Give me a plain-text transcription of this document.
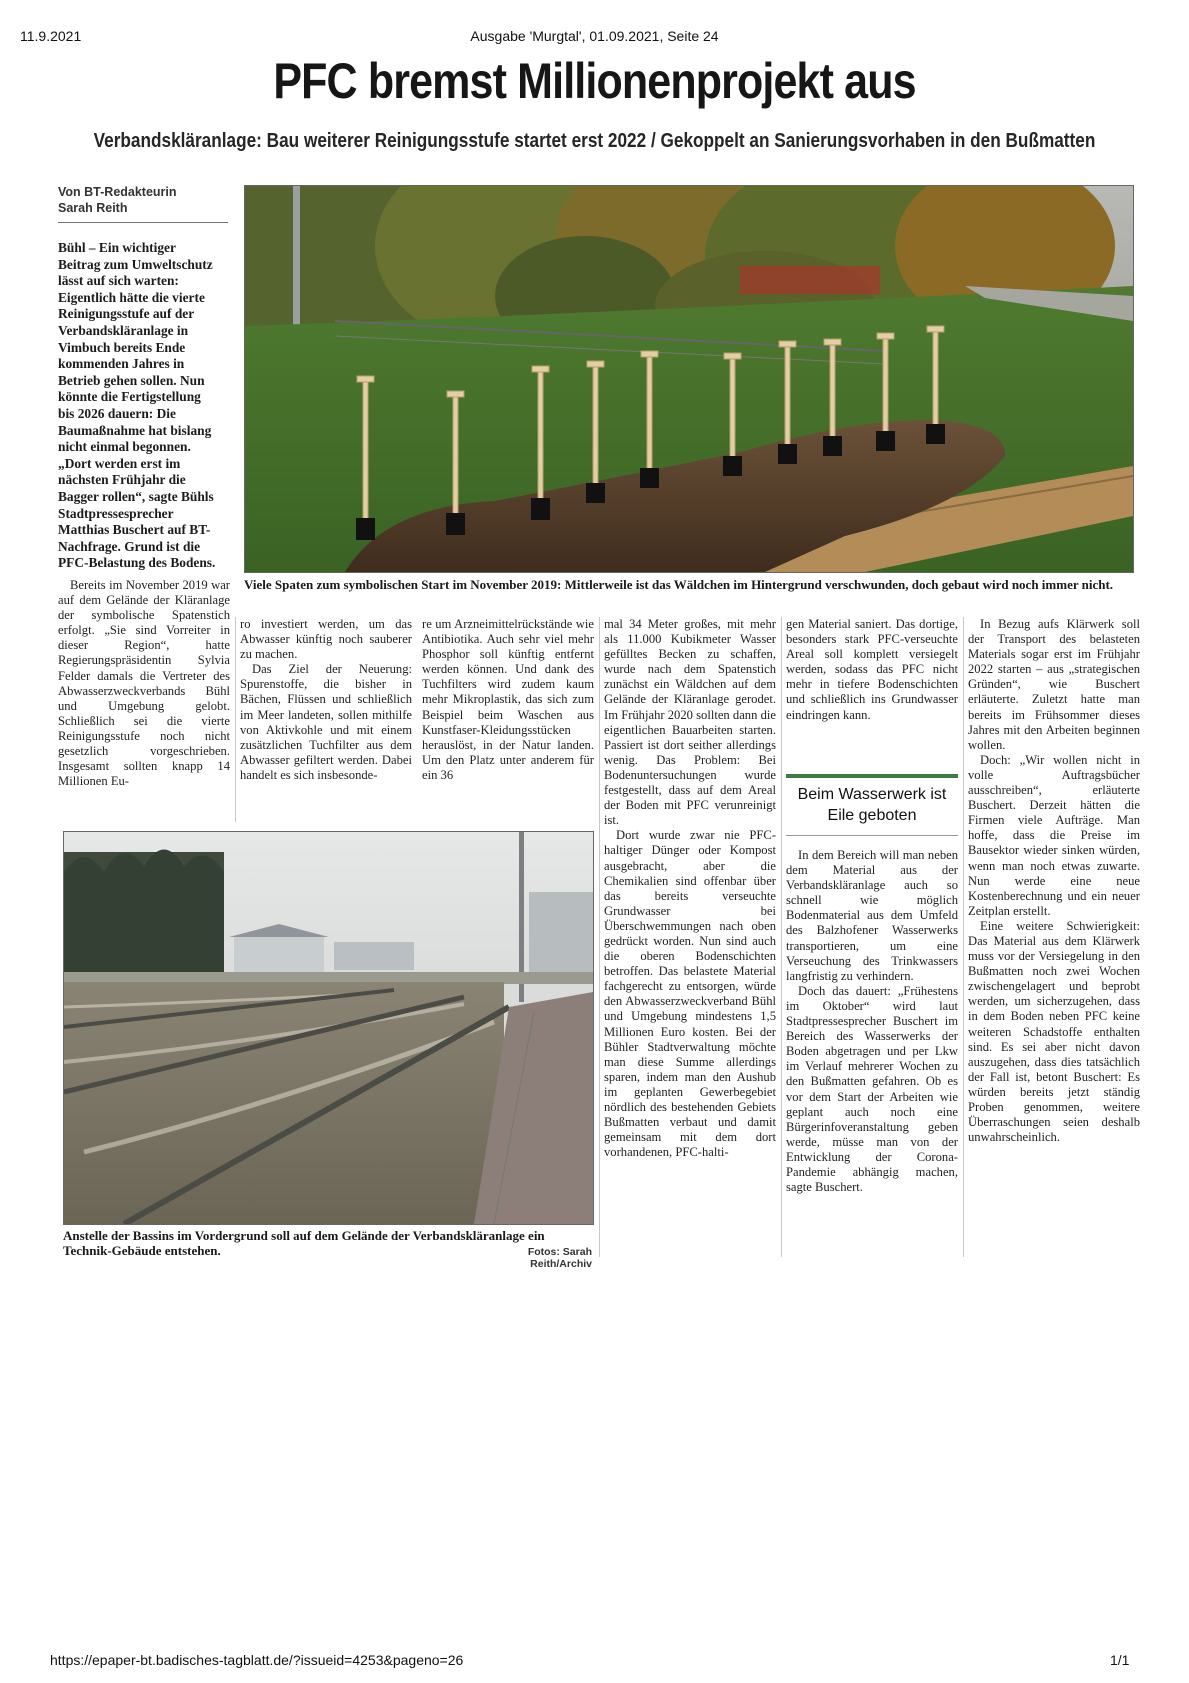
11.9.2021	Ausgabe 'Murgtal', 01.09.2021, Seite 24
PFC bremst Millionenprojekt aus
Verbandskläranlage: Bau weiterer Reinigungsstufe startet erst 2022 / Gekoppelt an Sanierungsvorhaben in den Bußmatten
Von BT-Redakteurin
Sarah Reith
Bühl – Ein wichtiger Beitrag zum Umweltschutz lässt auf sich warten: Eigentlich hätte die vierte Reinigungsstufe auf der Verbandskläranlage in Vimbuch bereits Ende kommenden Jahres in Betrieb gehen sollen. Nun könnte die Fertigstellung bis 2026 dauern: Die Baumaßnahme hat bislang nicht einmal begonnen. „Dort werden erst im nächsten Frühjahr die Bagger rollen“, sagte Bühls Stadtpressesprecher Matthias Buschert auf BT-Nachfrage. Grund ist die PFC-Belastung des Bodens.
Viele Spaten zum symbolischen Start im November 2019: Mittlerweile ist das Wäldchen im Hintergrund verschwunden, doch gebaut wird noch immer nicht.

Bereits im November 2019 war auf dem Gelände der Kläranlage der symbolische Spatenstich erfolgt. „Sie sind Vorreiter in dieser Region“, hatte Regierungspräsidentin Sylvia Felder damals die Vertreter des Abwasserzweckverbands Bühl und Umgebung gelobt. Schließlich sei die vierte Reinigungsstufe noch nicht gesetzlich vorgeschrieben. Insgesamt sollten knapp 14 Millionen Eu-

ro investiert werden, um das Abwasser künftig noch sauberer zu machen.

Das Ziel der Neuerung: Spurenstoffe, die bisher in Bächen, Flüssen und schließlich im Meer landeten, sollen mithilfe von Aktivkohle und mit einem zusätzlichen Tuchfilter aus dem Abwasser gefiltert werden. Dabei handelt es sich insbesonde-

re um Arzneimittelrückstände wie Antibiotika. Auch sehr viel mehr Phosphor soll künftig entfernt werden können. Und dank des Tuchfilters wird zudem kaum mehr Mikroplastik, das sich zum Beispiel beim Waschen aus Kunstfaser-Kleidungsstücken herauslöst, in der Natur landen. Um den Platz unter anderem für ein 36

Anstelle der Bassins im Vordergrund soll auf dem Gelände der Verbandskläranlage ein Technik-Gebäude entstehen.	Fotos: Sarah Reith/Archiv

mal 34 Meter großes, mit mehr als 11.000 Kubikmeter Wasser gefülltes Becken zu schaffen, wurde nach dem Spatenstich zunächst ein Wäldchen auf dem Gelände der Kläranlage gerodet. Im Frühjahr 2020 sollten dann die eigentlichen Bauarbeiten starten. Passiert ist dort seither allerdings wenig. Das Problem: Bei Bodenuntersuchungen wurde festgestellt, dass auf dem Areal der Boden mit PFC verunreinigt ist.

Dort wurde zwar nie PFC-haltiger Dünger oder Kompost ausgebracht, aber die Chemikalien sind offenbar über das bereits verseuchte Grundwasser bei Überschwemmungen nach oben gedrückt worden. Nun sind auch die oberen Bodenschichten betroffen. Das belastete Material fachgerecht zu entsorgen, würde den Abwasserzweckverband Bühl und Umgebung mindestens 1,5 Millionen Euro kosten. Bei der Bühler Stadtverwaltung möchte man diese Summe allerdings sparen, indem man den Aushub im geplanten Gewerbegebiet nördlich des bestehenden Gebiets Bußmatten verbaut und damit gemeinsam mit dem dort vorhandenen, PFC-halti-

gen Material saniert. Das dortige, besonders stark PFC-verseuchte Areal soll komplett versiegelt werden, sodass das PFC nicht mehr in tiefere Bodenschichten und schließlich ins Grundwasser eindringen kann.

Beim Wasserwerk ist Eile geboten

In dem Bereich will man neben dem Material aus der Verbandskläranlage auch so schnell wie möglich Bodenmaterial aus dem Umfeld des Balzhofener Wasserwerks transportieren, um eine Verseuchung des Trinkwassers langfristig zu verhindern.

Doch das dauert: „Frühestens im Oktober“ wird laut Stadtpressesprecher Buschert im Bereich des Wasserwerks der Boden abgetragen und per Lkw im Verlauf mehrerer Wochen zu den Bußmatten gefahren. Ob es vor dem Start der Arbeiten wie geplant auch noch eine Bürgerinfoveranstaltung geben werde, müsse man von der Entwicklung der Corona-Pandemie abhängig machen, sagte Buschert.

In Bezug aufs Klärwerk soll der Transport des belasteten Materials sogar erst im Frühjahr 2022 starten – aus „strategischen Gründen“, wie Buschert erläuterte. Zuletzt hatte man bereits im Frühsommer dieses Jahres mit den Arbeiten beginnen wollen.

Doch: „Wir wollen nicht in volle Auftragsbücher ausschreiben“, erläuterte Buschert. Derzeit hätten die Firmen viele Aufträge. Man hoffe, dass die Preise im Bausektor wieder sinken würden, wenn man noch etwas zuwarte. Nun werde eine neue Kostenberechnung und ein neuer Zeitplan erstellt.

Eine weitere Schwierigkeit: Das Material aus dem Klärwerk muss vor der Versiegelung in den Bußmatten noch zwei Wochen zwischengelagert und beprobt werden, um sicherzugehen, dass in dem Boden neben PFC keine weiteren Schadstoffe enthalten sind. Es sei aber nicht davon auszugehen, dass dies tatsächlich der Fall ist, betont Buschert: Es würden bereits jetzt ständig Proben genommen, weitere Überraschungen seien deshalb unwahrscheinlich.

https://epaper-bt.badisches-tagblatt.de/?issueid=4253&pageno=26	1/1
